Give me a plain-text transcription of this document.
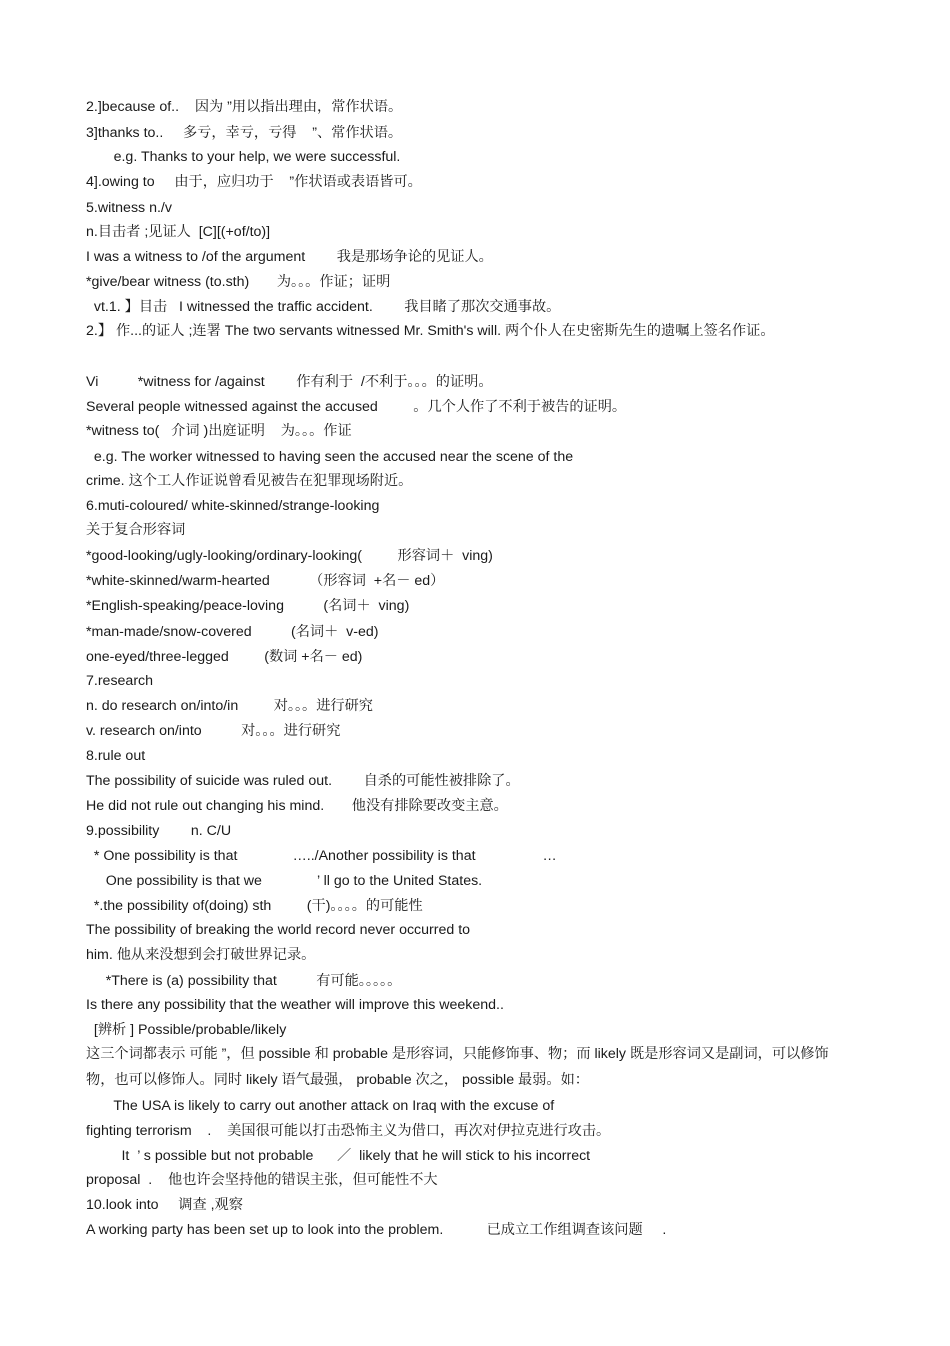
2.]because of..    因为 ”用以指出理由，常作状语。
3]thanks to..     多亏，幸亏，亏得    ”、常作状语。
e.g. Thanks to your help, we were successful.
4].owing to     由于，应归功于    ”作状语或表语皆可。
5.witness n./v
n.目击者 ;见证人  [C][(+of/to)]
I was a witness to /of the argument        我是那场争论的见证人。
*give/bear witness (to.sth)       为。。。作证；证明
vt.1. 】目击   I witnessed the traffic accident.        我目睹了那次交通事故。
2.】 作...的证人 ;连署 The two servants witnessed Mr. Smith's will. 两个仆人在史密斯先生的遗嘱上签名作证。
Vi          *witness for /against        作有利于  /不利于。。。的证明。
Several people witnessed against the accused         。几个人作了不利于被告的证明。
*witness to(   介词 )出庭证明    为。。。作证
e.g. The worker witnessed to having seen the accused near the scene of the
crime. 这个工人作证说曾看见被告在犯罪现场附近。
6.muti-coloured/ white-skinned/strange-looking
关于复合形容词
*good-looking/ugly-looking/ordinary-looking(         形容词＋  ving)
*white-skinned/warm-hearted          （形容词  +名－ ed）
*English-speaking/peace-loving          (名词＋  ving)
*man-made/snow-covered          (名词＋  v-ed)
one-eyed/three-legged         (数词 +名－ ed)
7.research
n. do research on/into/in         对。。。进行研究
v. research on/into          对。。。进行研究
8.rule out
The possibility of suicide was ruled out.        自杀的可能性被排除了。
He did not rule out changing his mind.       他没有排除要改变主意。
9.possibility        n. C/U
* One possibility is that              …../Another possibility is that                 …
One possibility is that we              ’ ll go to the United States.
*.the possibility of(doing) sth         (干)。。。。的可能性
The possibility of breaking the world record never occurred to
him. 他从来没想到会打破世界记录。
*There is (a) possibility that          有可能。。。。。
Is there any possibility that the weather will improve this weekend..
[辨析 ] Possible/probable/likely
这三个词都表示 可能 ”，但 possible 和 probable 是形容词，只能修饰事、物；而 likely 既是形容词又是副词，可以修饰物，也可以修饰人。同时 likely 语气最强， probable 次之， possible 最弱。如：
The USA is likely to carry out another attack on Iraq with the excuse of
fighting terrorism    .    美国很可能以打击恐怖主义为借口，再次对伊拉克进行攻击。
It  ’ s possible but not probable      ／  likely that he will stick to his incorrect
proposal  .    他也许会坚持他的错误主张，但可能性不大
10.look into     调查 ,观察
A working party has been set up to look into the problem.           已成立工作组调查该问题     .
